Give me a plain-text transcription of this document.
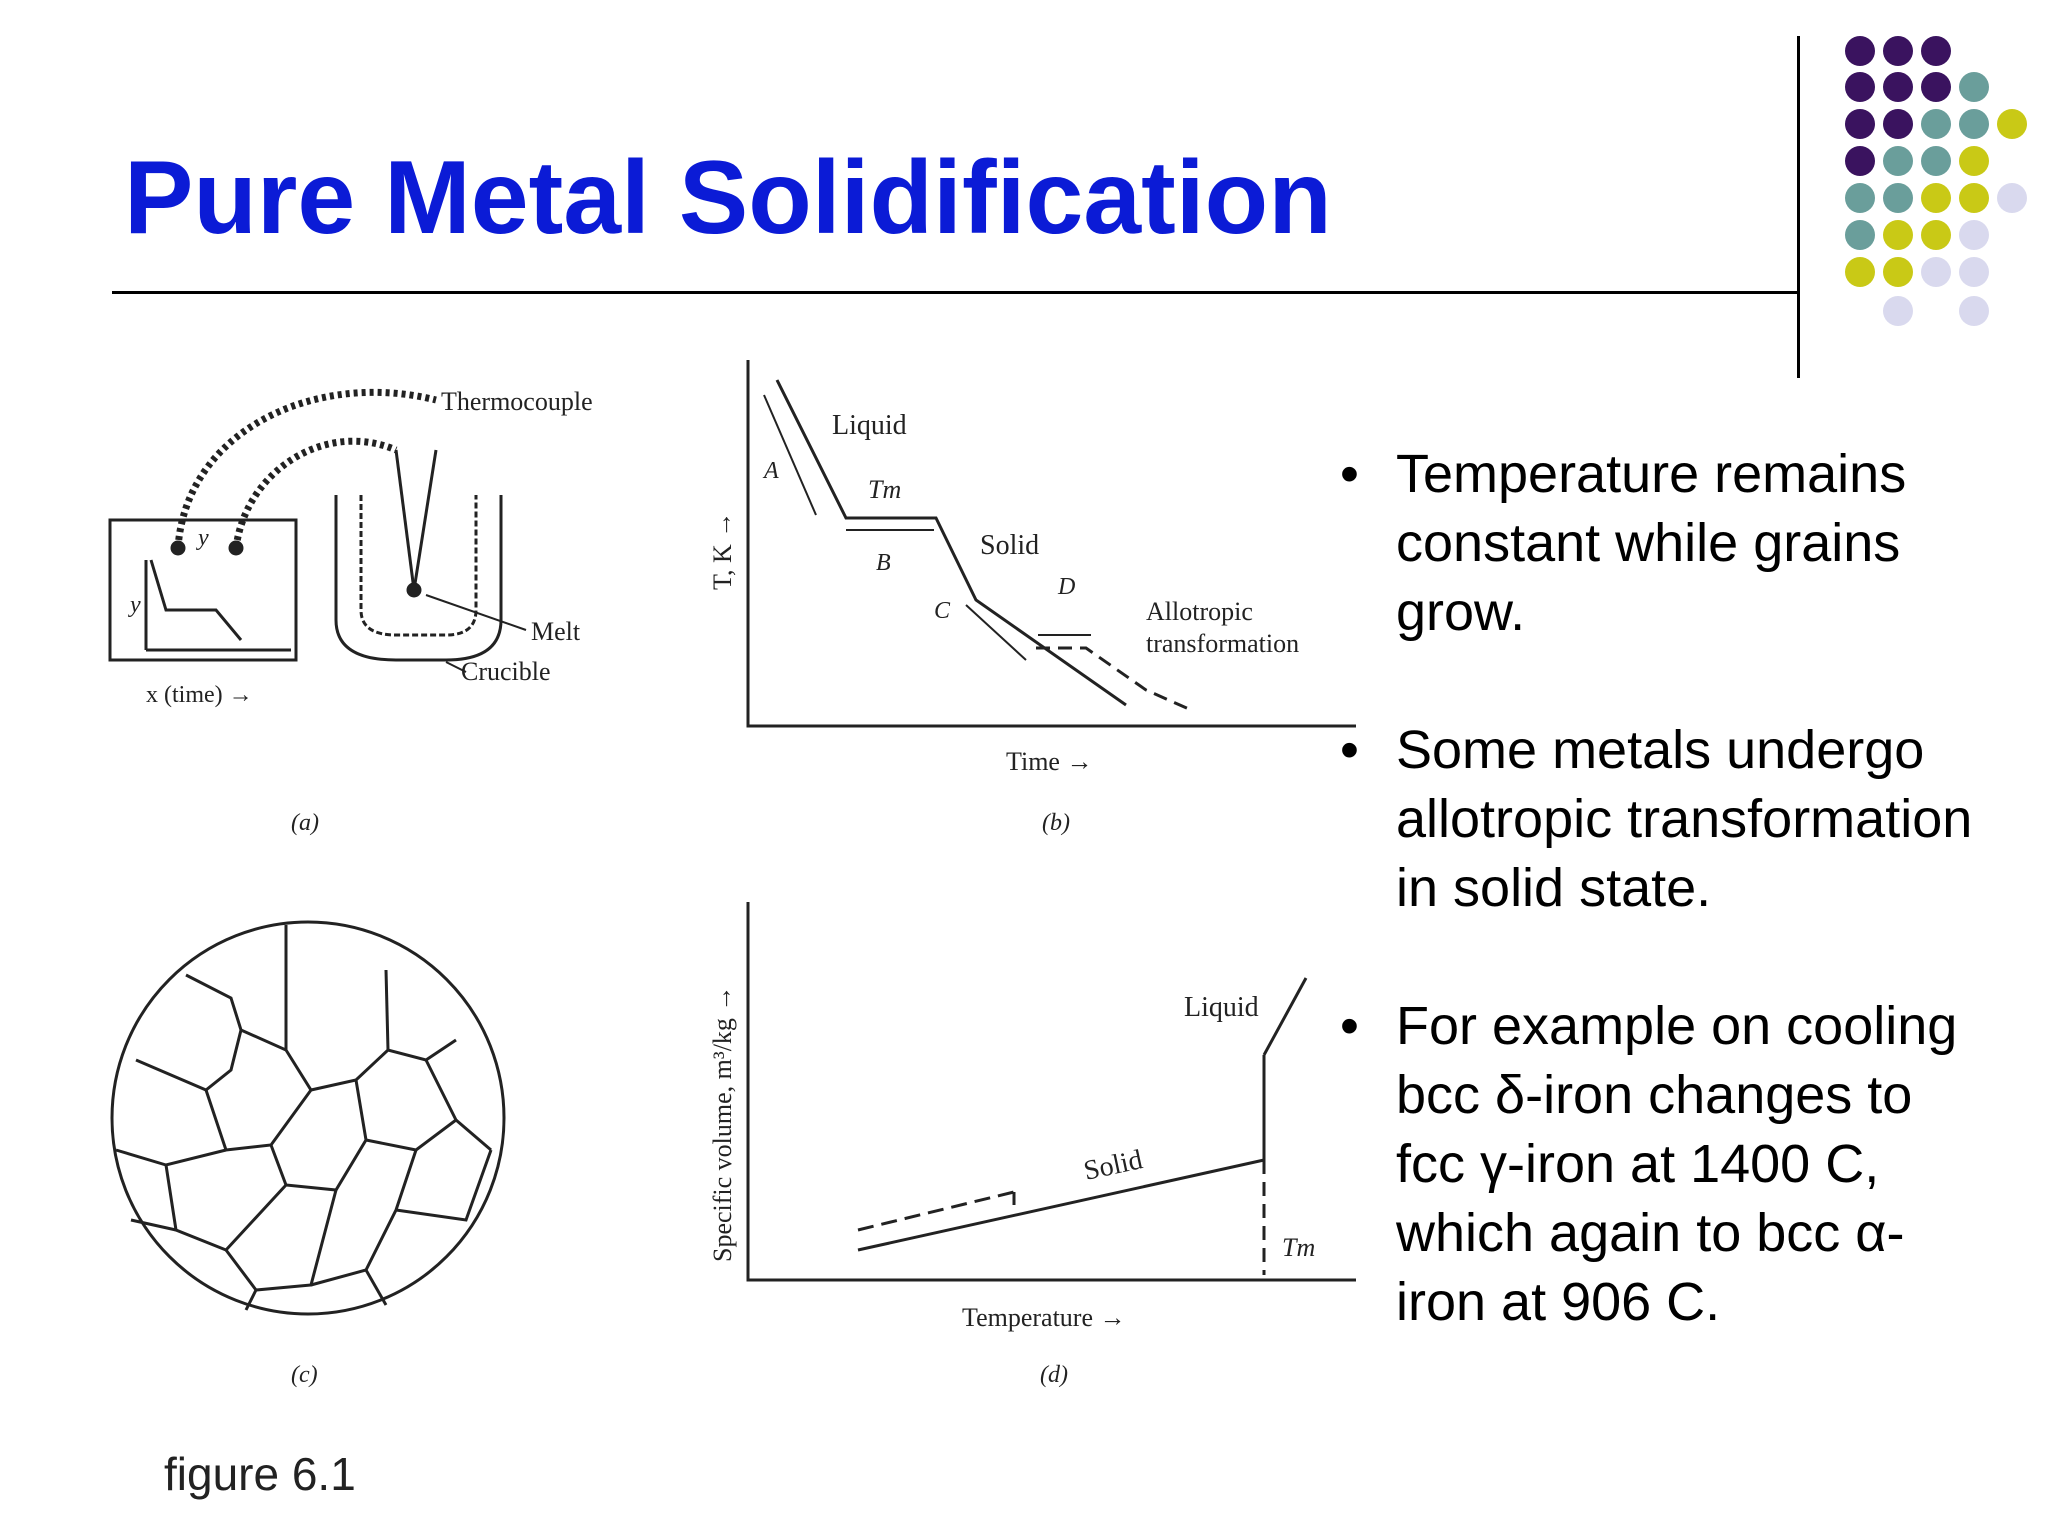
Pure Metal Solidification
Thermocouple
y
Melt
Crucible
y
x (time) →
(a)
Liquid
Tm
Solid
A
B
C
D
Allotropic
transformation
T, K →
Time →
(b)
(c)
Liquid
Solid
Tm
Specific volume, m³/kg →
Temperature →
(d)
figure 6.1
• Temperature remains
constant while grains
grow.
• Some metals undergo
allotropic transformation
in solid state.
• For example on cooling
bcc δ-iron changes to
fcc γ-iron at 1400 C,
which again to bcc α-
iron at 906 C.
